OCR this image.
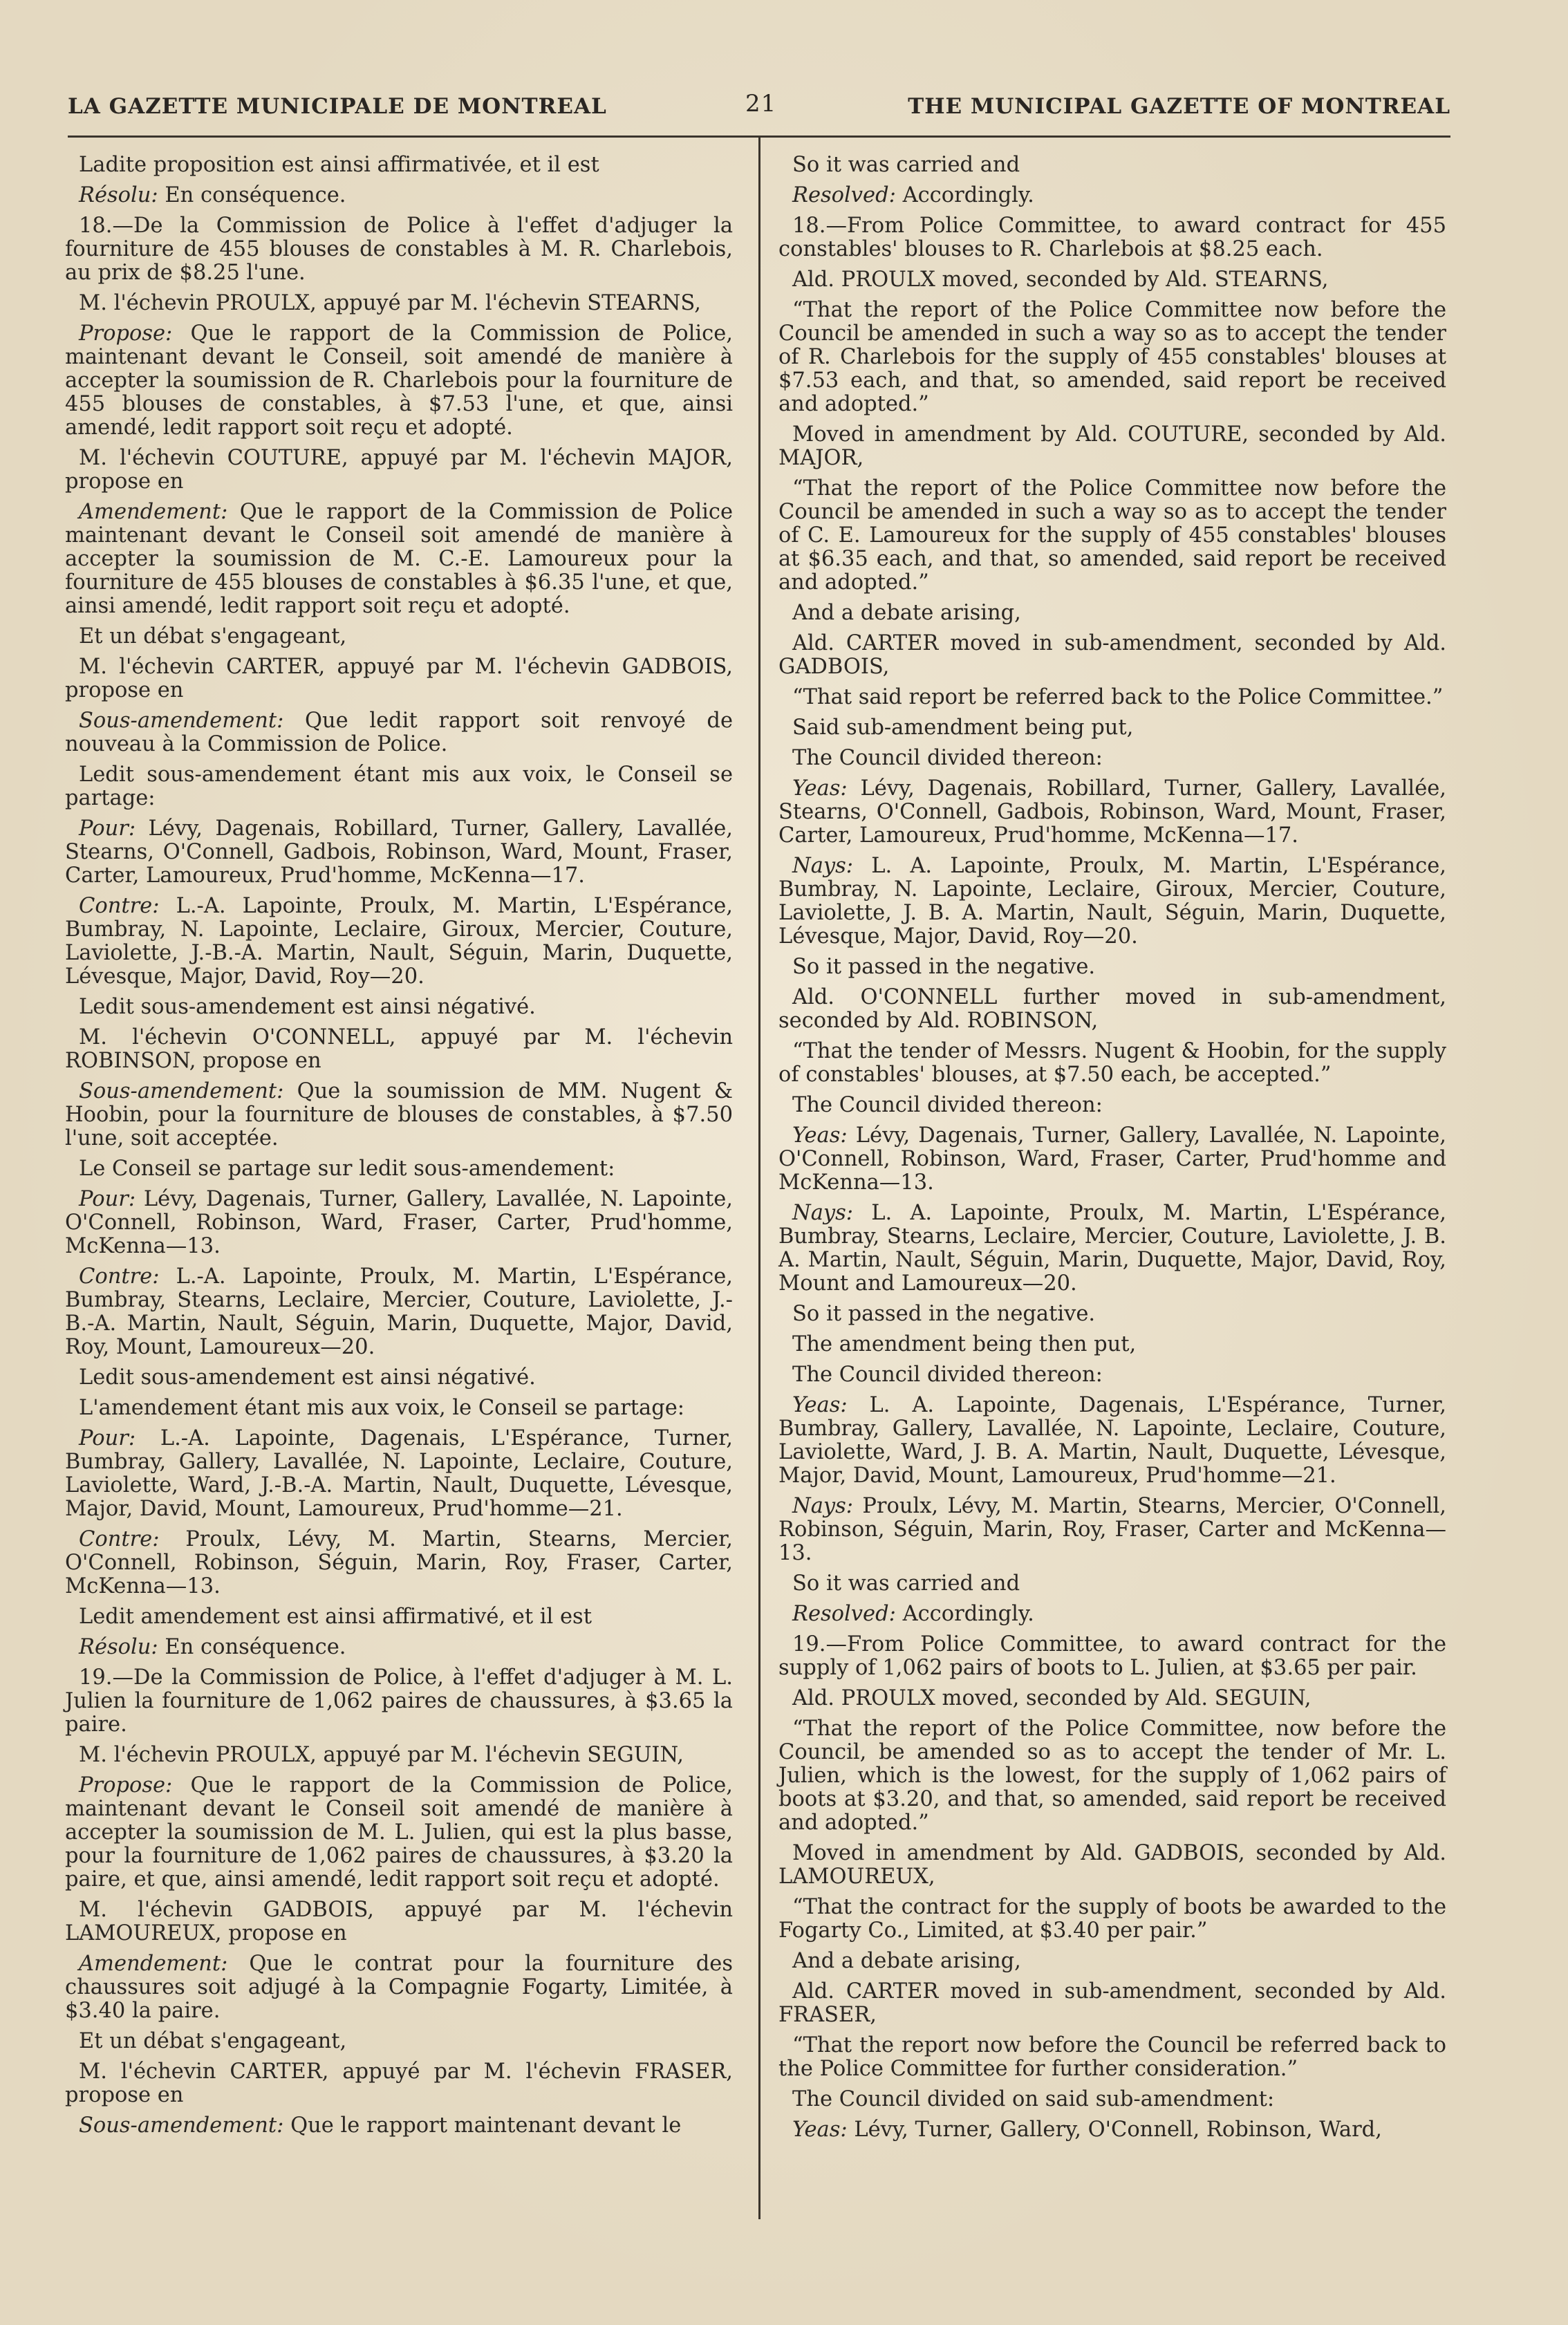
LA GAZETTE MUNICIPALE DE MONTREAL	21	THE MUNICIPAL GAZETTE OF MONTREAL

Ladite proposition est ainsi affirmativée, et il est

Résolu: En conséquence.

18.—De la Commission de Police à l'effet d'adjuger la fourniture de 455 blouses de constables à M. R. Charlebois, au prix de $8.25 l'une.

M. l'échevin PROULX, appuyé par M. l'échevin STEARNS,

Propose: Que le rapport de la Commission de Police, maintenant devant le Conseil, soit amendé de manière à accepter la soumission de R. Charlebois pour la fourniture de 455 blouses de constables, à $7.53 l'une, et que, ainsi amendé, ledit rapport soit reçu et adopté.

M. l'échevin COUTURE, appuyé par M. l'échevin MAJOR, propose en

Amendement: Que le rapport de la Commission de Police maintenant devant le Conseil soit amendé de manière à accepter la soumission de M. C.-E. Lamoureux pour la fourniture de 455 blouses de constables à $6.35 l'une, et que, ainsi amendé, ledit rapport soit reçu et adopté.

Et un débat s'engageant,

M. l'échevin CARTER, appuyé par M. l'échevin GADBOIS, propose en

Sous-amendement: Que ledit rapport soit renvoyé de nouveau à la Commission de Police.

Ledit sous-amendement étant mis aux voix, le Conseil se partage:

Pour: Lévy, Dagenais, Robillard, Turner, Gallery, Lavallée, Stearns, O'Connell, Gadbois, Robinson, Ward, Mount, Fraser, Carter, Lamoureux, Prud'homme, McKenna—17.

Contre: L.-A. Lapointe, Proulx, M. Martin, L'Espérance, Bumbray, N. Lapointe, Leclaire, Giroux, Mercier, Couture, Laviolette, J.-B.-A. Martin, Nault, Séguin, Marin, Duquette, Lévesque, Major, David, Roy—20.

Ledit sous-amendement est ainsi négativé.

M. l'échevin O'CONNELL, appuyé par M. l'échevin ROBINSON, propose en

Sous-amendement: Que la soumission de MM. Nugent & Hoobin, pour la fourniture de blouses de constables, à $7.50 l'une, soit acceptée.

Le Conseil se partage sur ledit sous-amendement:

Pour: Lévy, Dagenais, Turner, Gallery, Lavallée, N. Lapointe, O'Connell, Robinson, Ward, Fraser, Carter, Prud'homme, McKenna—13.

Contre: L.-A. Lapointe, Proulx, M. Martin, L'Espérance, Bumbray, Stearns, Leclaire, Mercier, Couture, Laviolette, J.-B.-A. Martin, Nault, Séguin, Marin, Duquette, Major, David, Roy, Mount, Lamoureux—20.

Ledit sous-amendement est ainsi négativé.

L'amendement étant mis aux voix, le Conseil se partage:

Pour: L.-A. Lapointe, Dagenais, L'Espérance, Turner, Bumbray, Gallery, Lavallée, N. Lapointe, Leclaire, Couture, Laviolette, Ward, J.-B.-A. Martin, Nault, Duquette, Lévesque, Major, David, Mount, Lamoureux, Prud'homme—21.

Contre: Proulx, Lévy, M. Martin, Stearns, Mercier, O'Connell, Robinson, Séguin, Marin, Roy, Fraser, Carter, McKenna—13.

Ledit amendement est ainsi affirmativé, et il est

Résolu: En conséquence.

19.—De la Commission de Police, à l'effet d'adjuger à M. L. Julien la fourniture de 1,062 paires de chaussures, à $3.65 la paire.

M. l'échevin PROULX, appuyé par M. l'échevin SEGUIN,

Propose: Que le rapport de la Commission de Police, maintenant devant le Conseil soit amendé de manière à accepter la soumission de M. L. Julien, qui est la plus basse, pour la fourniture de 1,062 paires de chaussures, à $3.20 la paire, et que, ainsi amendé, ledit rapport soit reçu et adopté.

M. l'échevin GADBOIS, appuyé par M. l'échevin LAMOUREUX, propose en

Amendement: Que le contrat pour la fourniture des chaussures soit adjugé à la Compagnie Fogarty, Limitée, à $3.40 la paire.

Et un débat s'engageant,

M. l'échevin CARTER, appuyé par M. l'échevin FRASER, propose en

Sous-amendement: Que le rapport maintenant devant le

So it was carried and

Resolved: Accordingly.

18.—From Police Committee, to award contract for 455 constables' blouses to R. Charlebois at $8.25 each.

Ald. PROULX moved, seconded by Ald. STEARNS,

“That the report of the Police Committee now before the Council be amended in such a way so as to accept the tender of R. Charlebois for the supply of 455 constables' blouses at $7.53 each, and that, so amended, said report be received and adopted.”

Moved in amendment by Ald. COUTURE, seconded by Ald. MAJOR,

“That the report of the Police Committee now before the Council be amended in such a way so as to accept the tender of C. E. Lamoureux for the supply of 455 constables' blouses at $6.35 each, and that, so amended, said report be received and adopted.”

And a debate arising,

Ald. CARTER moved in sub-amendment, seconded by Ald. GADBOIS,

“That said report be referred back to the Police Committee.”

Said sub-amendment being put,

The Council divided thereon:

Yeas: Lévy, Dagenais, Robillard, Turner, Gallery, Lavallée, Stearns, O'Connell, Gadbois, Robinson, Ward, Mount, Fraser, Carter, Lamoureux, Prud'homme, McKenna—17.

Nays: L. A. Lapointe, Proulx, M. Martin, L'Espérance, Bumbray, N. Lapointe, Leclaire, Giroux, Mercier, Couture, Laviolette, J. B. A. Martin, Nault, Séguin, Marin, Duquette, Lévesque, Major, David, Roy—20.

So it passed in the negative.

Ald. O'CONNELL further moved in sub-amendment, seconded by Ald. ROBINSON,

“That the tender of Messrs. Nugent & Hoobin, for the supply of constables' blouses, at $7.50 each, be accepted.”

The Council divided thereon:

Yeas: Lévy, Dagenais, Turner, Gallery, Lavallée, N. Lapointe, O'Connell, Robinson, Ward, Fraser, Carter, Prud'homme and McKenna—13.

Nays: L. A. Lapointe, Proulx, M. Martin, L'Espérance, Bumbray, Stearns, Leclaire, Mercier, Couture, Laviolette, J. B. A. Martin, Nault, Séguin, Marin, Duquette, Major, David, Roy, Mount and Lamoureux—20.

So it passed in the negative.

The amendment being then put,

The Council divided thereon:

Yeas: L. A. Lapointe, Dagenais, L'Espérance, Turner, Bumbray, Gallery, Lavallée, N. Lapointe, Leclaire, Couture, Laviolette, Ward, J. B. A. Martin, Nault, Duquette, Lévesque, Major, David, Mount, Lamoureux, Prud'homme—21.

Nays: Proulx, Lévy, M. Martin, Stearns, Mercier, O'Connell, Robinson, Séguin, Marin, Roy, Fraser, Carter and McKenna—13.

So it was carried and

Resolved: Accordingly.

19.—From Police Committee, to award contract for the supply of 1,062 pairs of boots to L. Julien, at $3.65 per pair.

Ald. PROULX moved, seconded by Ald. SEGUIN,

“That the report of the Police Committee, now before the Council, be amended so as to accept the tender of Mr. L. Julien, which is the lowest, for the supply of 1,062 pairs of boots at $3.20, and that, so amended, said report be received and adopted.”

Moved in amendment by Ald. GADBOIS, seconded by Ald. LAMOUREUX,

“That the contract for the supply of boots be awarded to the Fogarty Co., Limited, at $3.40 per pair.”

And a debate arising,

Ald. CARTER moved in sub-amendment, seconded by Ald. FRASER,

“That the report now before the Council be referred back to the Police Committee for further consideration.”

The Council divided on said sub-amendment:

Yeas: Lévy, Turner, Gallery, O'Connell, Robinson, Ward,
